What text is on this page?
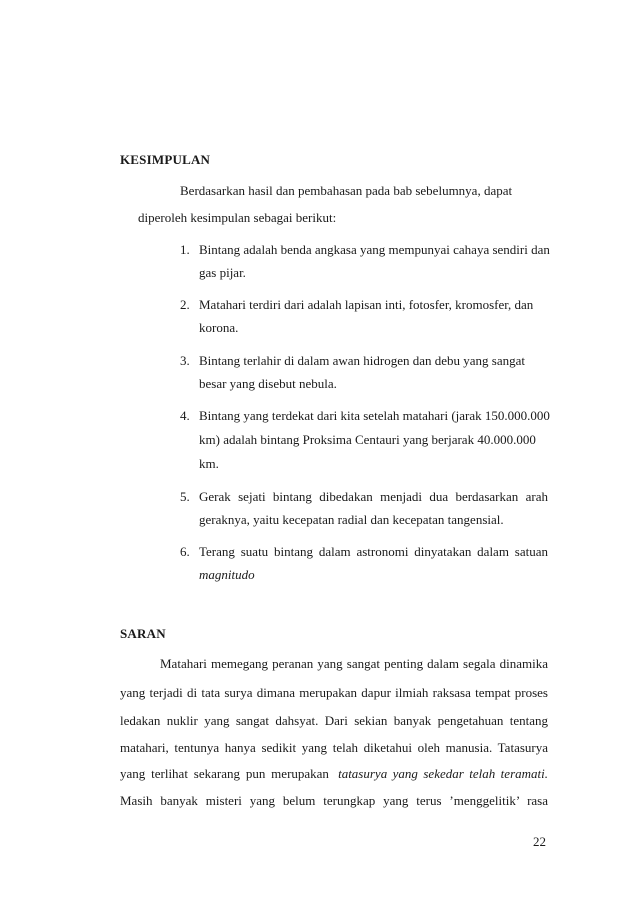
KESIMPULAN
Berdasarkan hasil dan pembahasan pada bab sebelumnya, dapat
diperoleh kesimpulan sebagai berikut:
1. Bintang adalah benda angkasa yang mempunyai cahaya sendiri dan
gas pijar.
2. Matahari terdiri dari adalah lapisan inti, fotosfer, kromosfer, dan
korona.
3. Bintang terlahir di dalam awan hidrogen dan debu yang sangat
besar yang disebut nebula.
4. Bintang yang terdekat dari kita setelah matahari (jarak 150.000.000
km) adalah bintang Proksima Centauri yang berjarak 40.000.000
km.
5. Gerak sejati bintang dibedakan menjadi dua berdasarkan arah
geraknya, yaitu kecepatan radial dan kecepatan tangensial.
6. Terang suatu bintang dalam astronomi dinyatakan dalam satuan
magnitudo
SARAN
Matahari memegang peranan yang sangat penting dalam segala dinamika
yang terjadi di tata surya dimana merupakan dapur ilmiah raksasa tempat proses
ledakan nuklir yang sangat dahsyat. Dari sekian banyak pengetahuan tentang
matahari, tentunya hanya sedikit yang telah diketahui oleh manusia. Tatasurya
yang terlihat sekarang pun merupakan tatasurya yang sekedar telah teramati.
Masih banyak misteri yang belum terungkap yang terus ’menggelitik’ rasa
22
